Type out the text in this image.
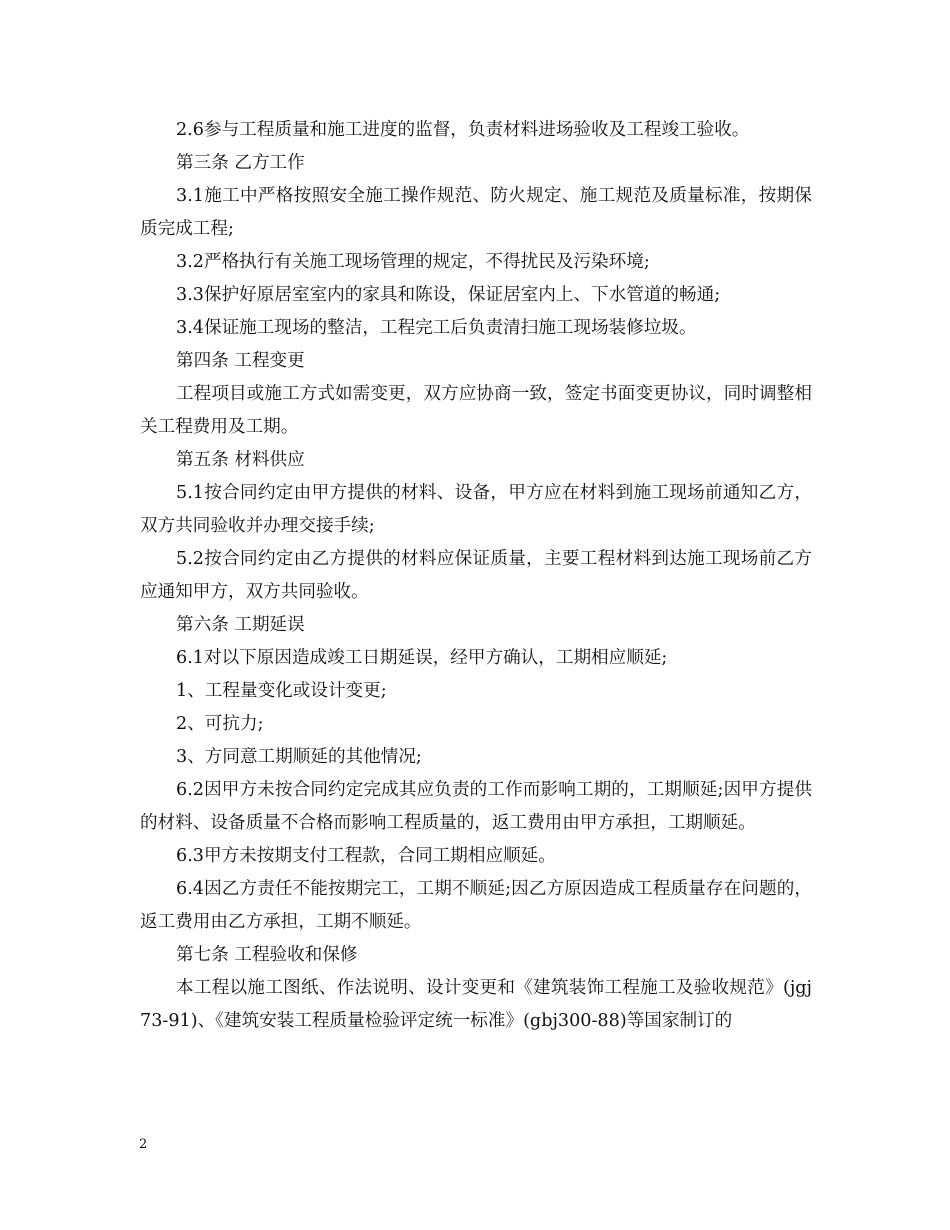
2.6参与工程质量和施工进度的监督，负责材料进场验收及工程竣工验收。

第三条 乙方工作

3.1施工中严格按照安全施工操作规范、防火规定、施工规范及质量标准，按期保质完成工程;

3.2严格执行有关施工现场管理的规定，不得扰民及污染环境;

3.3保护好原居室室内的家具和陈设，保证居室内上、下水管道的畅通;

3.4保证施工现场的整洁，工程完工后负责清扫施工现场装修垃圾。

第四条 工程变更

工程项目或施工方式如需变更，双方应协商一致，签定书面变更协议，同时调整相关工程费用及工期。

第五条 材料供应

5.1按合同约定由甲方提供的材料、设备，甲方应在材料到施工现场前通知乙方，双方共同验收并办理交接手续;

5.2按合同约定由乙方提供的材料应保证质量，主要工程材料到达施工现场前乙方应通知甲方，双方共同验收。

第六条 工期延误

6.1对以下原因造成竣工日期延误，经甲方确认，工期相应顺延;

1、工程量变化或设计变更;

2、可抗力;

3、方同意工期顺延的其他情况;

6.2因甲方未按合同约定完成其应负责的工作而影响工期的，工期顺延;因甲方提供的材料、设备质量不合格而影响工程质量的，返工费用由甲方承担，工期顺延。

6.3甲方未按期支付工程款，合同工期相应顺延。

6.4因乙方责任不能按期完工，工期不顺延;因乙方原因造成工程质量存在问题的，返工费用由乙方承担，工期不顺延。

第七条 工程验收和保修

本工程以施工图纸、作法说明、设计变更和《建筑装饰工程施工及验收规范》(jgj73-91)、《建筑安装工程质量检验评定统一标准》(gbj300-88)等国家制订的

2
